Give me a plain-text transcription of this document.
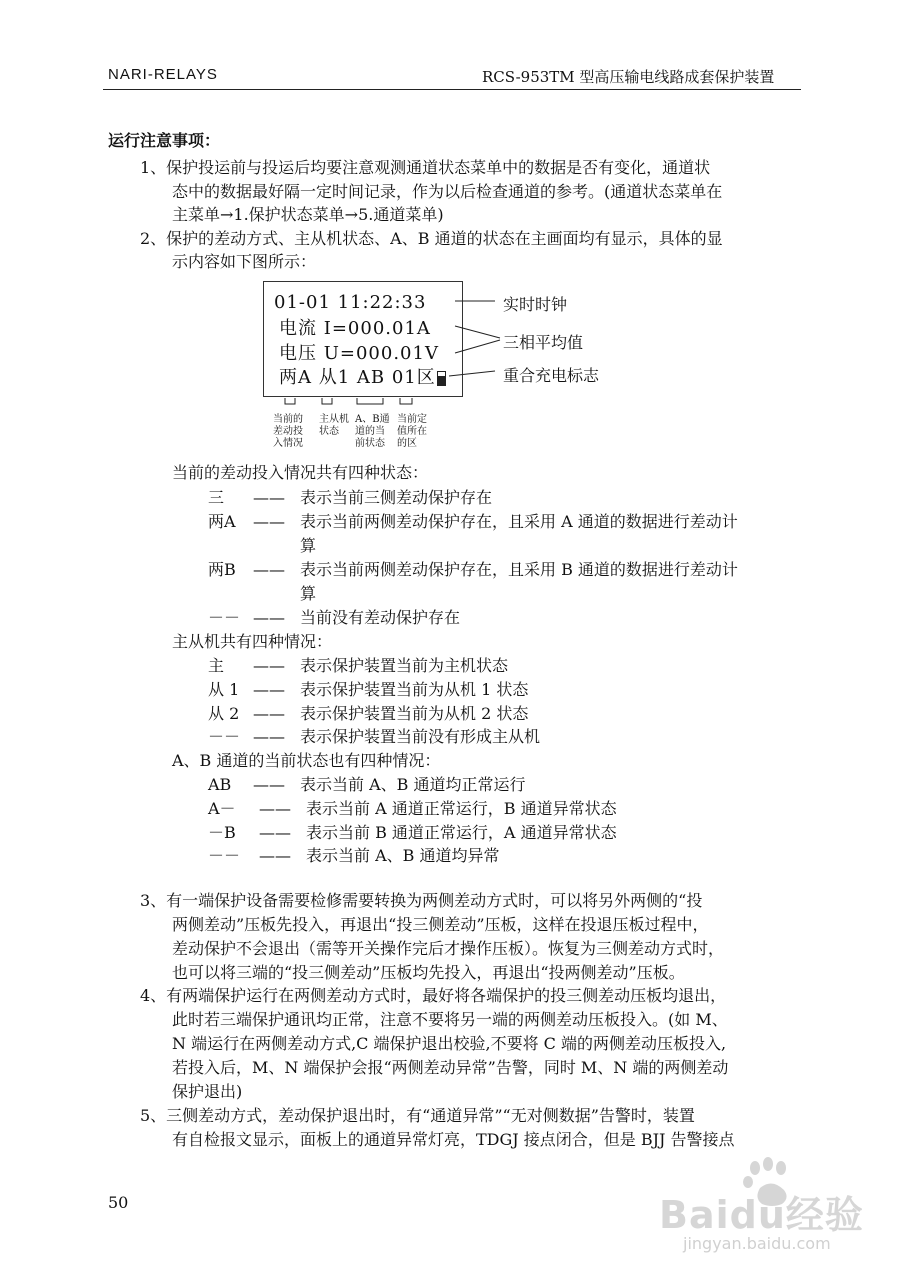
NARI-RELAYS	RCS-953TM 型高压输电线路成套保护装置
运行注意事项：
1、保护投运前与投运后均要注意观测通道状态菜单中的数据是否有变化，通道状
态中的数据最好隔一定时间记录，作为以后检查通道的参考。(通道状态菜单在
主菜单→1.保护状态菜单→5.通道菜单)
2、保护的差动方式、主从机状态、A、B 通道的状态在主画面均有显示，具体的显
示内容如下图所示：
01-01 11:22:33
电流 I=000.01A
电压 U=000.01V
两A 从1 AB 01区
实时时钟
三相平均值
重合充电标志
当前的
差动投
入情况
主从机
状态
A、B通
道的当
前状态
当前定
值所在
的区
当前的差动投入情况共有四种状态：
三 —— 表示当前三侧差动保护存在
两A —— 表示当前两侧差动保护存在，且采用 A 通道的数据进行差动计
算
两B —— 表示当前两侧差动保护存在，且采用 B 通道的数据进行差动计
算
－－ —— 当前没有差动保护存在
主从机共有四种情况：
主 —— 表示保护装置当前为主机状态
从 1 —— 表示保护装置当前为从机 1 状态
从 2 —— 表示保护装置当前为从机 2 状态
－－ —— 表示保护装置当前没有形成主从机
A、B 通道的当前状态也有四种情况：
AB —— 表示当前 A、B 通道均正常运行
A－ —— 表示当前 A 通道正常运行，B 通道异常状态
－B —— 表示当前 B 通道正常运行，A 通道异常状态
－－ —— 表示当前 A、B 通道均异常
3、有一端保护设备需要检修需要转换为两侧差动方式时，可以将另外两侧的“投
两侧差动”压板先投入，再退出“投三侧差动”压板，这样在投退压板过程中，
差动保护不会退出（需等开关操作完后才操作压板）。恢复为三侧差动方式时，
也可以将三端的“投三侧差动”压板均先投入，再退出“投两侧差动”压板。
4、有两端保护运行在两侧差动方式时，最好将各端保护的投三侧差动压板均退出，
此时若三端保护通讯均正常，注意不要将另一端的两侧差动压板投入。(如 M、
N 端运行在两侧差动方式,C 端保护退出校验,不要将 C 端的两侧差动压板投入,
若投入后，M、N 端保护会报“两侧差动异常”告警，同时 M、N 端的两侧差动
保护退出)
5、三侧差动方式，差动保护退出时，有“通道异常”“无对侧数据”告警时，装置
有自检报文显示，面板上的通道异常灯亮，TDGJ 接点闭合，但是 BJJ 告警接点
50	Baidu经验
jingyan.baidu.com
